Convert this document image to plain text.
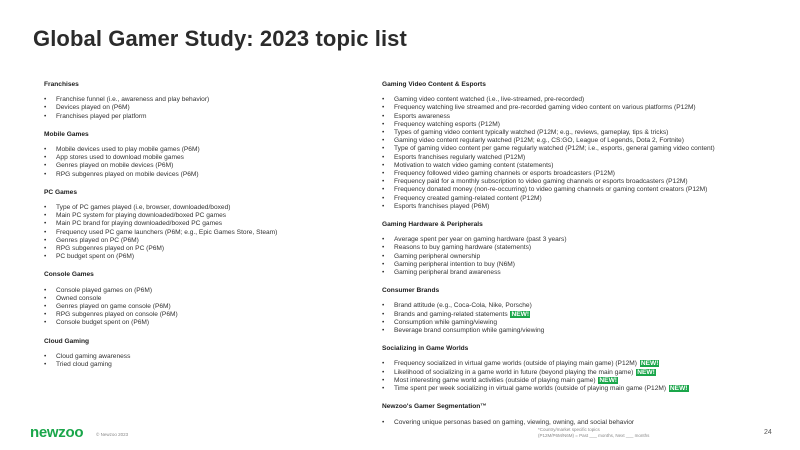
Global Gamer Study: 2023 topic list
Franchises
• Franchise funnel (i.e., awareness and play behavior)
• Devices played on (P6M)
• Franchises played per platform
Mobile Games
• Mobile devices used to play mobile games (P6M)
• App stores used to download mobile games
• Genres played on mobile devices (P6M)
• RPG subgenres played on mobile devices (P6M)
PC Games
• Type of PC games played (i.e, browser, downloaded/boxed)
• Main PC system for playing downloaded/boxed PC games
• Main PC brand for playing downloaded/boxed PC games
• Frequency used PC game launchers (P6M; e.g., Epic Games Store, Steam)
• Genres played on PC (P6M)
• RPG subgenres played on PC (P6M)
• PC budget spent on (P6M)
Console Games
• Console played games on (P6M)
• Owned console
• Genres played on game console (P6M)
• RPG subgenres played on console (P6M)
• Console budget spent on (P6M)
Cloud Gaming
• Cloud gaming awareness
• Tried cloud gaming
Gaming Video Content & Esports
• Gaming video content watched (i.e., live-streamed, pre-recorded)
• Frequency watching live streamed and pre-recorded gaming video content on various platforms (P12M)
• Esports awareness
• Frequency watching esports (P12M)
• Types of gaming video content typically watched (P12M; e.g., reviews, gameplay, tips & tricks)
• Gaming video content regularly watched (P12M; e.g., CS:GO, League of Legends, Dota 2, Fortnite)
• Type of gaming video content per game regularly watched (P12M; i.e., esports, general gaming video content)
• Esports franchises regularly watched (P12M)
• Motivation to watch video gaming content (statements)
• Frequency followed video gaming channels or esports broadcasters (P12M)
• Frequency paid for a monthly subscription to video gaming channels or esports broadcasters (P12M)
• Frequency donated money (non-re-occurring) to video gaming channels or gaming content creators (P12M)
• Frequency created gaming-related content (P12M)
• Esports franchises played (P6M)
Gaming Hardware & Peripherals
• Average spent per year on gaming hardware (past 3 years)
• Reasons to buy gaming hardware (statements)
• Gaming peripheral ownership
• Gaming peripheral intention to buy (N6M)
• Gaming peripheral brand awareness
Consumer Brands
• Brand attitude (e.g., Coca-Cola, Nike, Porsche)
• Brands and gaming-related statements NEW!
• Consumption while gaming/viewing
• Beverage brand consumption while gaming/viewing
Socializing in Game Worlds
• Frequency socialized in virtual game worlds (outside of playing main game) (P12M) NEW!
• Likelihood of socializing in a game world in future (beyond playing the main game) NEW!
• Most interesting game world activities (outside of playing main game) NEW!
• Time spent per week socializing in virtual game worlds (outside of playing main game (P12M) NEW!
Newzoo's Gamer Segmentation™
• Covering unique personas based on gaming, viewing, owning, and social behavior
newzoo	© Newzoo 2023
*Country/market specific topics
(P12M/P6M/N6M) = Past ___ months, Next ___ months	24
